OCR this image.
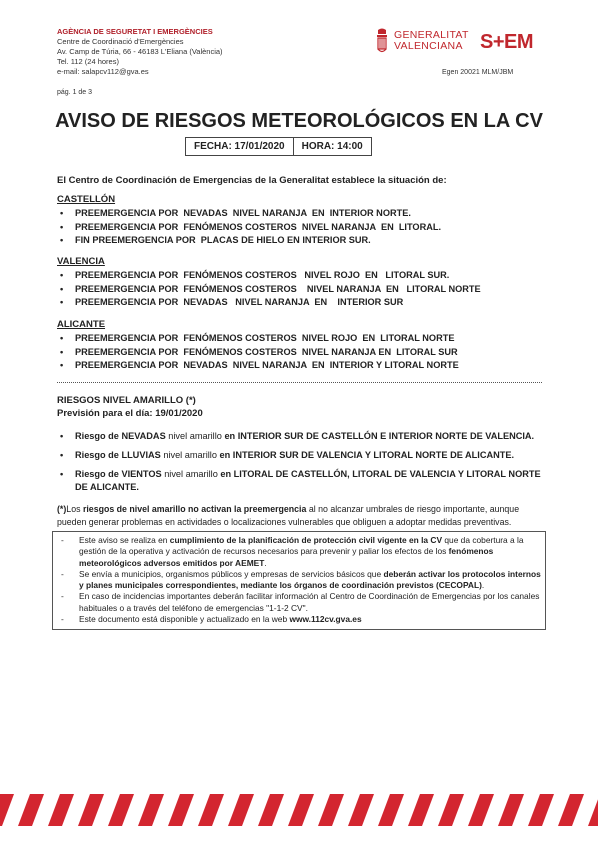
AGÈNCIA DE SEGURETAT I EMERGÈNCIES
Centre de Coordinació d'Emergències
Av. Camp de Túria, 66 - 46183 L'Eliana (València)
Tel. 112 (24 hores)
e-mail: salapcv112@gva.es
GENERALITAT
VALENCIANA S+EM
Egen 20021 MLM/JBM
pág. 1 de 3
AVISO DE RIESGOS METEOROLÓGICOS EN LA CV
FECHA: 17/01/2020	HORA: 14:00
El Centro de Coordinación de Emergencias de la Generalitat establece la situación de:
CASTELLÓN
• PREEMERGENCIA POR  NEVADAS  NIVEL NARANJA  EN  INTERIOR NORTE.
• PREEMERGENCIA POR  FENÓMENOS COSTEROS  NIVEL NARANJA  EN  LITORAL.
• FIN PREEMERGENCIA POR  PLACAS DE HIELO EN INTERIOR SUR.
VALENCIA
• PREEMERGENCIA POR  FENÓMENOS COSTEROS   NIVEL ROJO  EN   LITORAL SUR.
• PREEMERGENCIA POR  FENÓMENOS COSTEROS    NIVEL NARANJA  EN   LITORAL NORTE
• PREEMERGENCIA POR  NEVADAS   NIVEL NARANJA  EN    INTERIOR SUR
ALICANTE
• PREEMERGENCIA POR  FENÓMENOS COSTEROS  NIVEL ROJO  EN  LITORAL NORTE
• PREEMERGENCIA POR  FENÓMENOS COSTEROS  NIVEL NARANJA EN  LITORAL SUR
• PREEMERGENCIA POR  NEVADAS  NIVEL NARANJA  EN  INTERIOR Y LITORAL NORTE
RIESGOS NIVEL AMARILLO (*)
Previsión para el día: 19/01/2020
• Riesgo de NEVADAS nivel amarillo en INTERIOR SUR DE CASTELLÓN E INTERIOR NORTE DE VALENCIA.
• Riesgo de LLUVIAS nivel amarillo en INTERIOR SUR DE VALENCIA Y LITORAL NORTE DE ALICANTE.
• Riesgo de VIENTOS nivel amarillo en LITORAL DE CASTELLÓN, LITORAL DE VALENCIA Y LITORAL NORTE DE ALICANTE.
(*)Los riesgos de nivel amarillo no activan la preemergencia al no alcanzar umbrales de riesgo importante, aunque pueden generar problemas en actividades o localizaciones vulnerables que obliguen a adoptar medidas preventivas.
-	Este aviso se realiza en cumplimiento de la planificación de protección civil vigente en la CV que da cobertura a la gestión de la operativa y activación de recursos necesarios para prevenir y paliar los efectos de los fenómenos meteorológicos adversos emitidos por AEMET.
-	Se envía a municipios, organismos públicos y empresas de servicios básicos que deberán activar los protocolos internos y planes municipales correspondientes, mediante los órganos de coordinación previstos (CECOPAL).
-	En caso de incidencias importantes deberán facilitar información al Centro de Coordinación de Emergencias por los canales habituales o a través del teléfono de emergencias "1-1-2 CV".
-	Este documento está disponible y actualizado en la web www.112cv.gva.es
